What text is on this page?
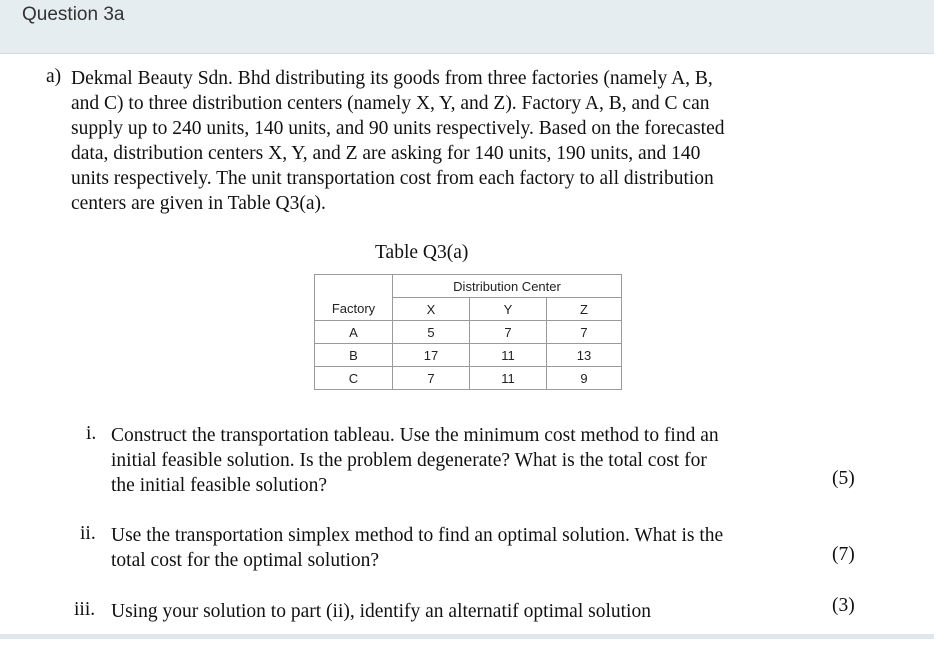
Question 3a
a) Dekmal Beauty Sdn. Bhd distributing its goods from three factories (namely A, B,
and C) to three distribution centers (namely X, Y, and Z). Factory A, B, and C can
supply up to 240 units, 140 units, and 90 units respectively. Based on the forecasted
data, distribution centers X, Y, and Z are asking for 140 units, 190 units, and 140
units respectively. The unit transportation cost from each factory to all distribution
centers are given in Table Q3(a).
Table Q3(a)
	Distribution Center		
Factory	X	Y	Z
A	5	7	7
B	17	11	13
C	7	11	9
i. Construct the transportation tableau. Use the minimum cost method to find an
initial feasible solution. Is the problem degenerate? What is the total cost for
the initial feasible solution?	(5)
ii. Use the transportation simplex method to find an optimal solution. What is the
total cost for the optimal solution?	(7)
iii. Using your solution to part (ii), identify an alternatif optimal solution	(3)
